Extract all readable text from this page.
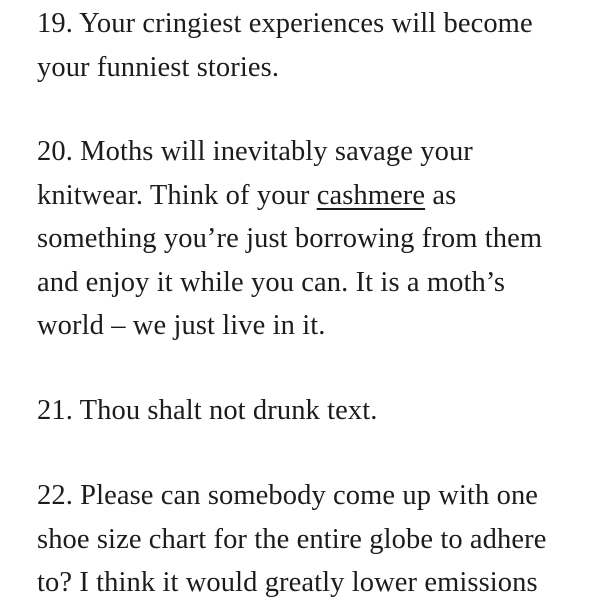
19. Your cringiest experiences will become
your funniest stories.

20. Moths will inevitably savage your
knitwear. Think of your cashmere as
something you’re just borrowing from them
and enjoy it while you can. It is a moth’s
world – we just live in it.

21. Thou shalt not drunk text.

22. Please can somebody come up with one
shoe size chart for the entire globe to adhere
to? I think it would greatly lower emissions
